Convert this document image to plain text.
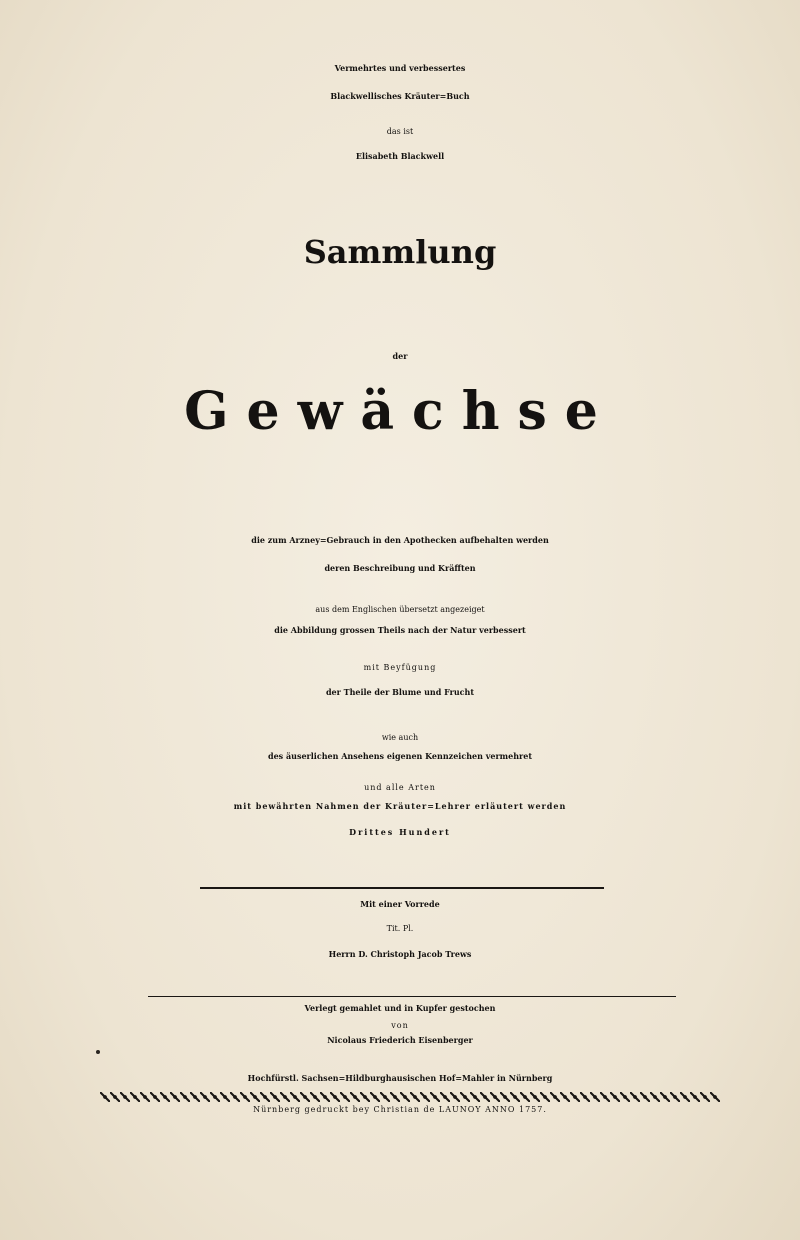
Vermehrtes und verbessertes
Blackwellisches Kräuter=Buch
das ist
Elisabeth Blackwell
Sammlung
der
Gewächse
die zum Arzney=Gebrauch in den Apothecken aufbehalten werden
deren Beschreibung und Kräfften
aus dem Englischen übersetzt angezeiget
die Abbildung grossen Theils nach der Natur verbessert
mit Beyfügung
der Theile der Blume und Frucht
wie auch
des äuserlichen Ansehens eigenen Kennzeichen vermehret
und alle Arten
mit bewährten Nahmen der Kräuter=Lehrer erläutert werden
Drittes Hundert
Mit einer Vorrede
Tit. Pl.
Herrn D. Christoph Jacob Trews
Verlegt gemahlet und in Kupfer gestochen
von
Nicolaus Friederich Eisenberger
Hochfürstl. Sachsen=Hildburghausischen Hof=Mahler in Nürnberg
Nürnberg gedruckt bey Christian de LAUNOY ANNO 1757.
